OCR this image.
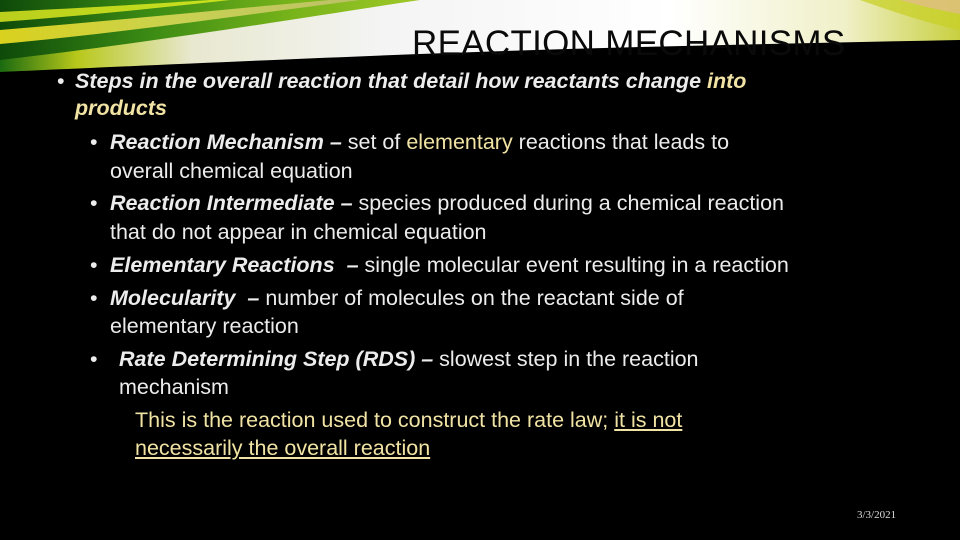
REACTION MECHANISMS
• Steps in the overall reaction that detail how reactants change into
products
• Reaction Mechanism – set of elementary reactions that leads to
overall chemical equation
• Reaction Intermediate – species produced during a chemical reaction
that do not appear in chemical equation
• Elementary Reactions  – single molecular event resulting in a reaction
• Molecularity  – number of molecules on the reactant side of
elementary reaction
• Rate Determining Step (RDS) – slowest step in the reaction
mechanism
This is the reaction used to construct the rate law; it is not
necessarily the overall reaction
3/3/2021
